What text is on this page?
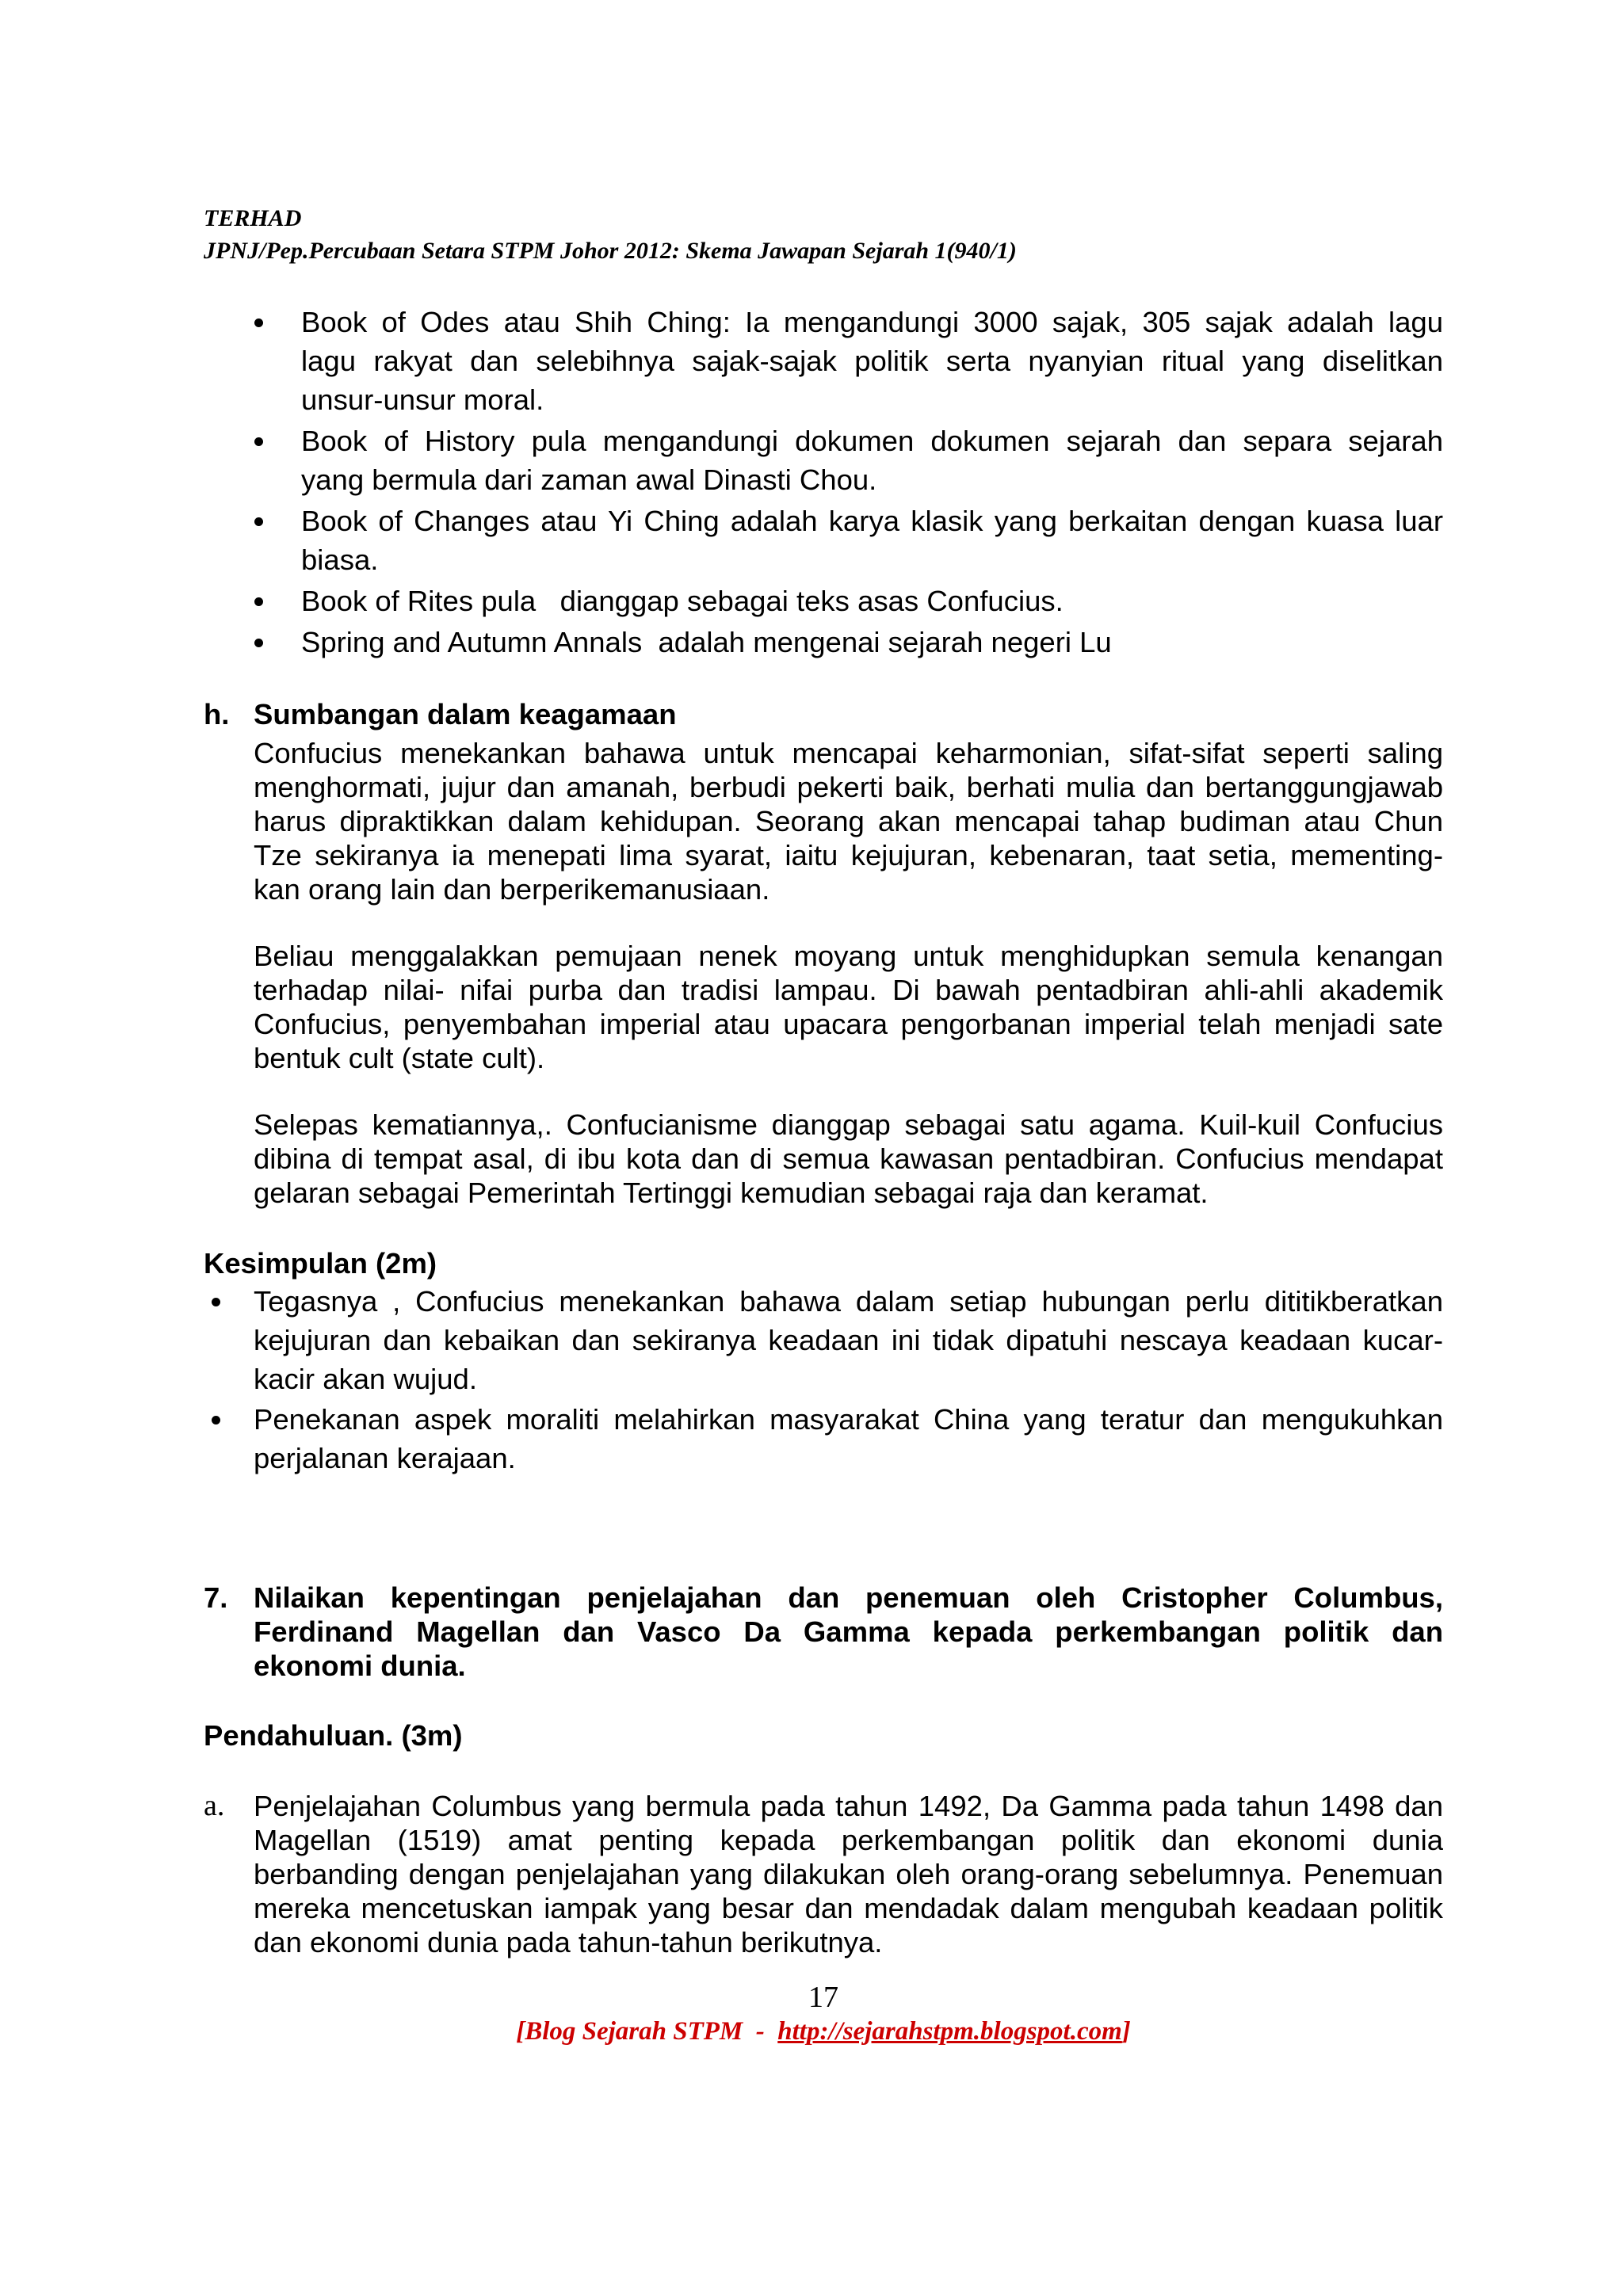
TERHAD
JPNJ/Pep.Percubaan Setara STPM Johor 2012: Skema Jawapan Sejarah 1(940/1)
Book of Odes atau Shih Ching: Ia mengandungi 3000 sajak, 305 sajak adalah lagu
lagu rakyat dan selebihnya sajak-sajak politik serta nyanyian ritual yang diselitkan
unsur-unsur moral.
Book of History pula mengandungi dokumen dokumen sejarah dan separa sejarah
yang bermula dari zaman awal Dinasti Chou.
Book of Changes atau Yi Ching adalah karya klasik yang berkaitan dengan kuasa luar
biasa.
Book of Rites pula   dianggap sebagai teks asas Confucius.
Spring and Autumn Annals  adalah mengenai sejarah negeri Lu
h. Sumbangan dalam keagamaan
Confucius menekankan bahawa untuk mencapai keharmonian, sifat-sifat seperti saling
menghormati, jujur dan amanah, berbudi pekerti baik, berhati mulia dan bertanggungjawab
harus dipraktikkan dalam kehidupan. Seorang akan mencapai tahap budiman atau Chun
Tze sekiranya ia menepati lima syarat, iaitu kejujuran, kebenaran, taat setia, mementing-
kan orang lain dan berperikemanusiaan.
Beliau menggalakkan pemujaan nenek moyang untuk menghidupkan semula kenangan
terhadap nilai- nifai purba dan tradisi lampau. Di bawah pentadbiran ahli-ahli akademik
Confucius, penyembahan imperial atau upacara pengorbanan imperial telah menjadi sate
bentuk cult (state cult).
Selepas kematiannya,. Confucianisme dianggap sebagai satu agama. Kuil-kuil Confucius
dibina di tempat asal, di ibu kota dan di semua kawasan pentadbiran. Confucius mendapat
gelaran sebagai Pemerintah Tertinggi kemudian sebagai raja dan keramat.
Kesimpulan (2m)
Tegasnya , Confucius menekankan bahawa dalam setiap hubungan perlu dititikberatkan
kejujuran dan kebaikan dan sekiranya keadaan ini tidak dipatuhi nescaya keadaan kucar-
kacir akan wujud.
Penekanan aspek moraliti melahirkan masyarakat China yang teratur dan mengukuhkan
perjalanan kerajaan.
7. Nilaikan kepentingan penjelajahan dan penemuan oleh Cristopher Columbus,
Ferdinand Magellan dan Vasco Da Gamma kepada perkembangan politik dan
ekonomi dunia.
Pendahuluan. (3m)
a. Penjelajahan Columbus yang bermula pada tahun 1492, Da Gamma pada tahun 1498 dan
Magellan (1519) amat penting kepada perkembangan politik dan ekonomi dunia
berbanding dengan penjelajahan yang dilakukan oleh orang-orang sebelumnya. Penemuan
mereka mencetuskan iampak yang besar dan mendadak dalam mengubah keadaan politik
dan ekonomi dunia pada tahun-tahun berikutnya.
17
[Blog Sejarah STPM  -  http://sejarahstpm.blogspot.com]
